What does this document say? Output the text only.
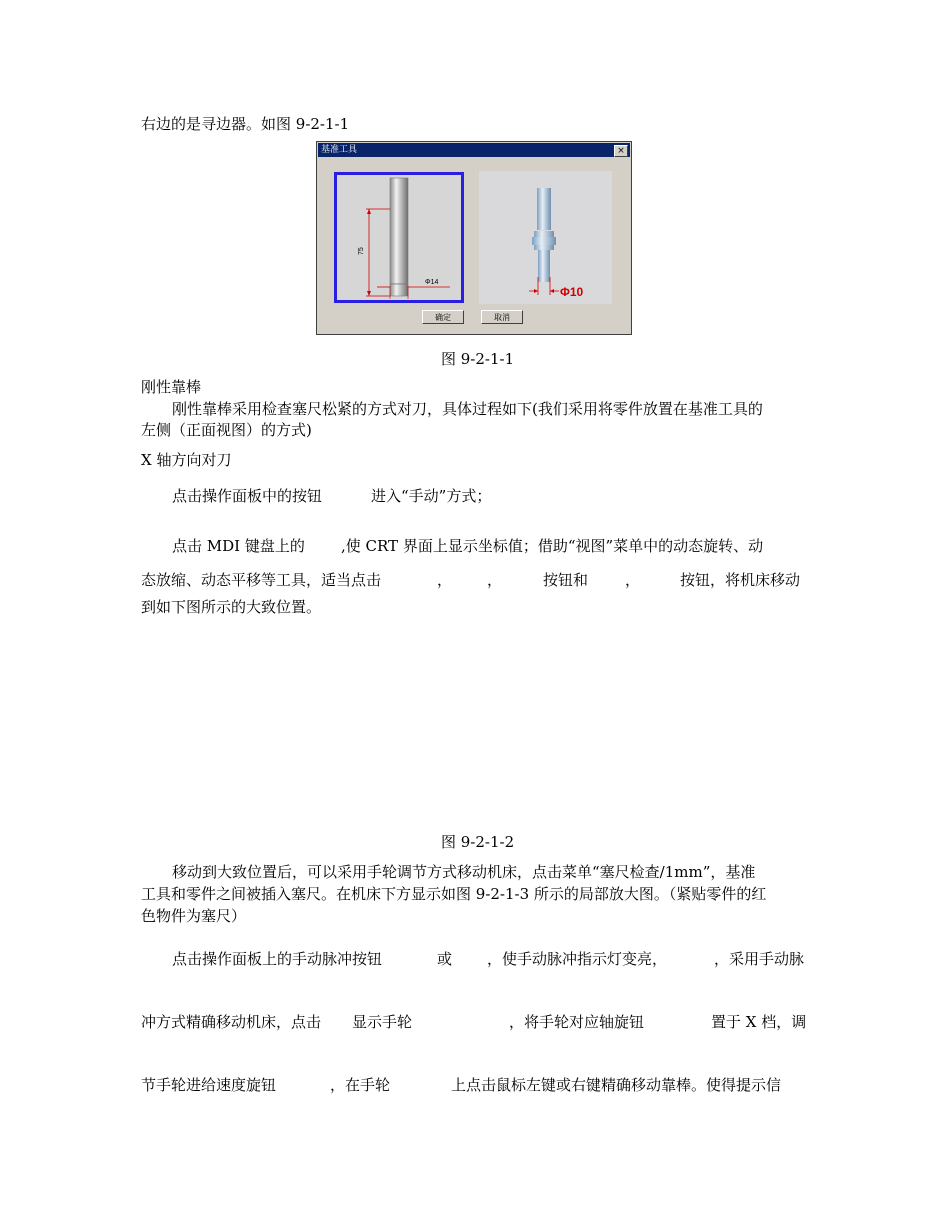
右边的是寻边器。如图 9-2-1-1
基准工具	×
75
Φ14
Φ10
确定	取消
图 9-2-1-1
刚性靠棒
刚性靠棒采用检查塞尺松紧的方式对刀，具体过程如下(我们采用将零件放置在基准工具的
左侧（正面视图）的方式)
X 轴方向对刀
点击操作面板中的按钮	进入“手动”方式；
点击 MDI 键盘上的 ,使 CRT 界面上显示坐标值；借助“视图”菜单中的动态旋转、动
态放缩、动态平移等工具，适当点击	， ，	按钮和 ，	按钮，将机床移动
到如下图所示的大致位置。
图 9-2-1-2
移动到大致位置后，可以采用手轮调节方式移动机床，点击菜单“塞尺检查/1mm”，基准
工具和零件之间被插入塞尺。在机床下方显示如图 9-2-1-3 所示的局部放大图。（紧贴零件的红
色物件为塞尺）
点击操作面板上的手动脉冲按钮	或 ，使手动脉冲指示灯变亮，	，采用手动脉
冲方式精确移动机床，点击 显示手轮	，将手轮对应轴旋钮	置于 X 档，调
节手轮进给速度旋钮	，在手轮	上点击鼠标左键或右键精确移动靠棒。使得提示信
